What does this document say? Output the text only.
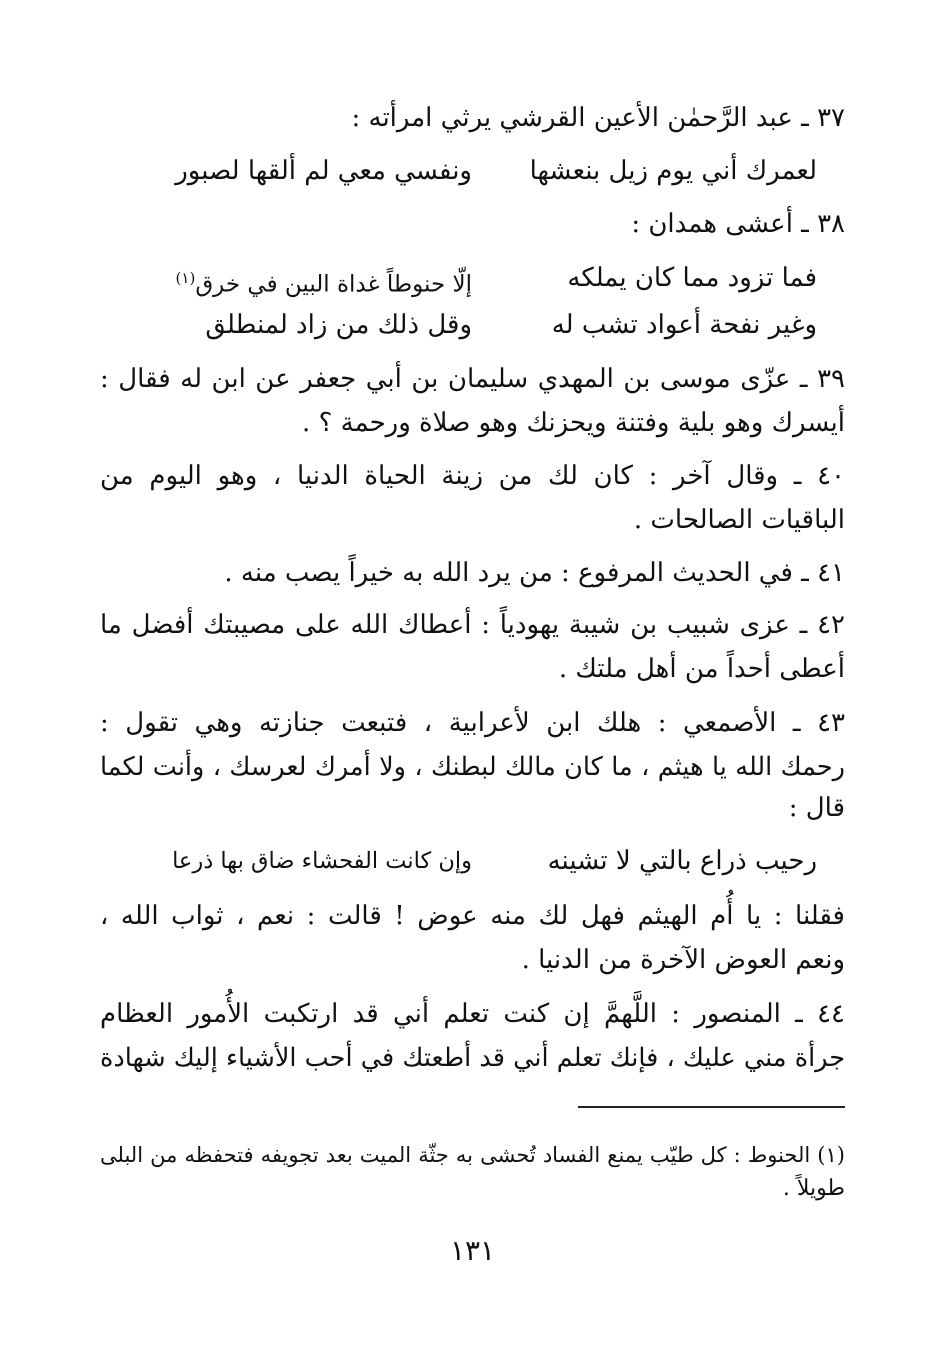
٣٧ ـ عبد الرَّحمٰن الأعين القرشي يرثي امرأته :
لعمرك أني يوم زيل بنعشها
ونفسي معي لم ألقها لصبور
٣٨ ـ أعشى همدان :
فما تزود مما كان يملكه
إلّا حنوطاً غداة البين في خرق$^{(١)}$
وغير نفحة أعواد تشب له
وقل ذلك من زاد لمنطلق
٣٩ ـ عزّى موسى بن المهدي سليمان بن أبي جعفر عن ابن له فقال :
أيسرك وهو بلية وفتنة ويحزنك وهو صلاة ورحمة ؟ .
٤٠ ـ وقال آخر : كان لك من زينة الحياة الدنيا ، وهو اليوم من
الباقيات الصالحات .
٤١ ـ في الحديث المرفوع : من يرد الله به خيراً يصب منه .
٤٢ ـ عزى شبيب بن شيبة يهودياً : أعطاك الله على مصيبتك أفضل ما
أعطى أحداً من أهل ملتك .
٤٣ ـ الأصمعي : هلك ابن لأعرابية ، فتبعت جنازته وهي تقول :
رحمك الله يا هيثم ، ما كان مالك لبطنك ، ولا أمرك لعرسك ، وأنت لكما
قال :
رحيب ذراع بالتي لا تشينه
وإن كانت الفحشاء ضاق بها ذرعا
فقلنا : يا أُم الهيثم فهل لك منه عوض ! قالت : نعم ، ثواب الله ،
ونعم العوض الآخرة من الدنيا .
٤٤ ـ المنصور : اللَّهمَّ إن كنت تعلم أني قد ارتكبت الأُمور العظام
جرأة مني عليك ، فإنك تعلم أني قد أطعتك في أحب الأشياء إليك شهادة
(١) الحنوط : كل طيّب يمنع الفساد تُحشى به جثّة الميت بعد تجويفه فتحفظه من البلى
طويلاً .
١٣١
